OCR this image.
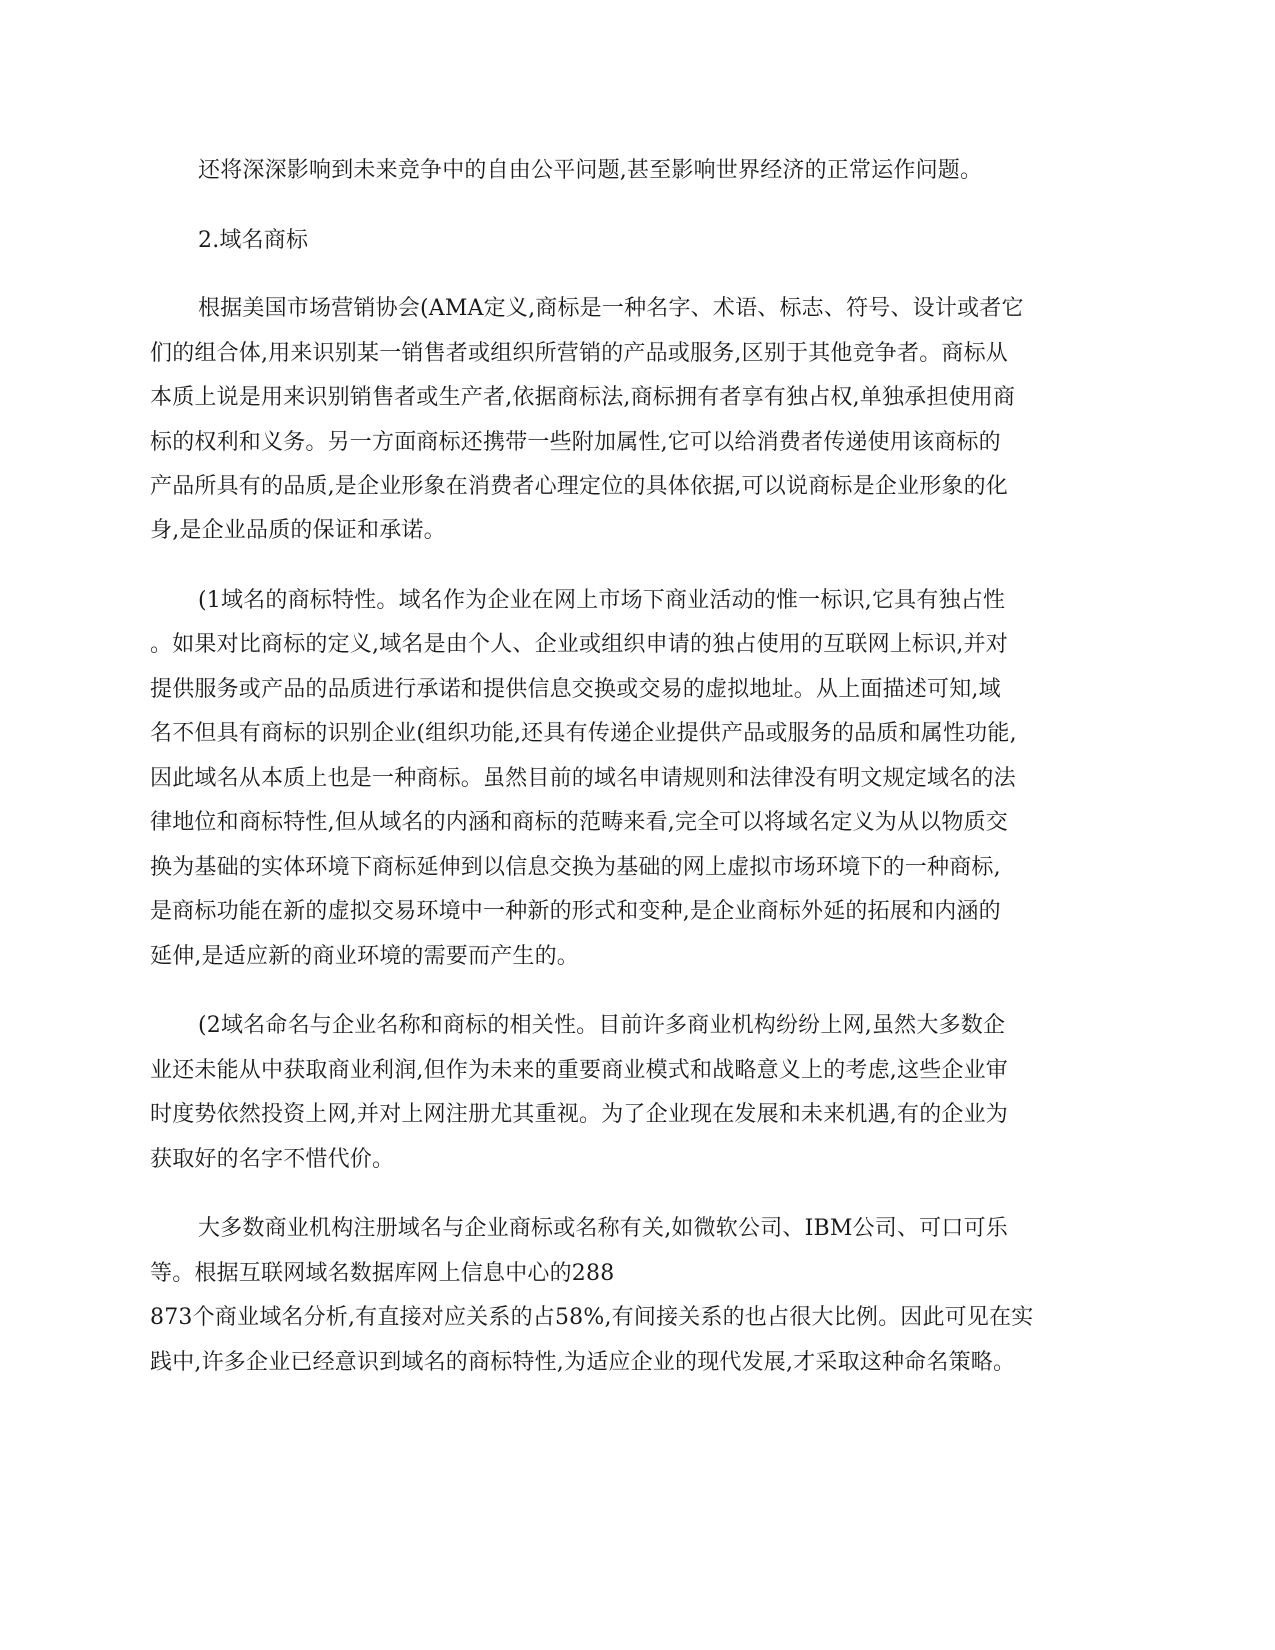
还将深深影响到未来竞争中的自由公平问题,甚至影响世界经济的正常运作问题。
2.域名商标
根据美国市场营销协会(AMA定义,商标是一种名字、术语、标志、符号、设计或者它
们的组合体,用来识别某一销售者或组织所营销的产品或服务,区别于其他竞争者。商标从
本质上说是用来识别销售者或生产者,依据商标法,商标拥有者享有独占权,单独承担使用商
标的权利和义务。另一方面商标还携带一些附加属性,它可以给消费者传递使用该商标的
产品所具有的品质,是企业形象在消费者心理定位的具体依据,可以说商标是企业形象的化
身,是企业品质的保证和承诺。
(1域名的商标特性。域名作为企业在网上市场下商业活动的惟一标识,它具有独占性
。如果对比商标的定义,域名是由个人、企业或组织申请的独占使用的互联网上标识,并对
提供服务或产品的品质进行承诺和提供信息交换或交易的虚拟地址。从上面描述可知,域
名不但具有商标的识别企业(组织功能,还具有传递企业提供产品或服务的品质和属性功能,
因此域名从本质上也是一种商标。虽然目前的域名申请规则和法律没有明文规定域名的法
律地位和商标特性,但从域名的内涵和商标的范畴来看,完全可以将域名定义为从以物质交
换为基础的实体环境下商标延伸到以信息交换为基础的网上虚拟市场环境下的一种商标,
是商标功能在新的虚拟交易环境中一种新的形式和变种,是企业商标外延的拓展和内涵的
延伸,是适应新的商业环境的需要而产生的。
(2域名命名与企业名称和商标的相关性。目前许多商业机构纷纷上网,虽然大多数企
业还未能从中获取商业利润,但作为未来的重要商业模式和战略意义上的考虑,这些企业审
时度势依然投资上网,并对上网注册尤其重视。为了企业现在发展和未来机遇,有的企业为
获取好的名字不惜代价。
大多数商业机构注册域名与企业商标或名称有关,如微软公司、IBM公司、可口可乐
等。根据互联网域名数据库网上信息中心的288
873个商业域名分析,有直接对应关系的占58%,有间接关系的也占很大比例。因此可见在实
践中,许多企业已经意识到域名的商标特性,为适应企业的现代发展,才采取这种命名策略。
